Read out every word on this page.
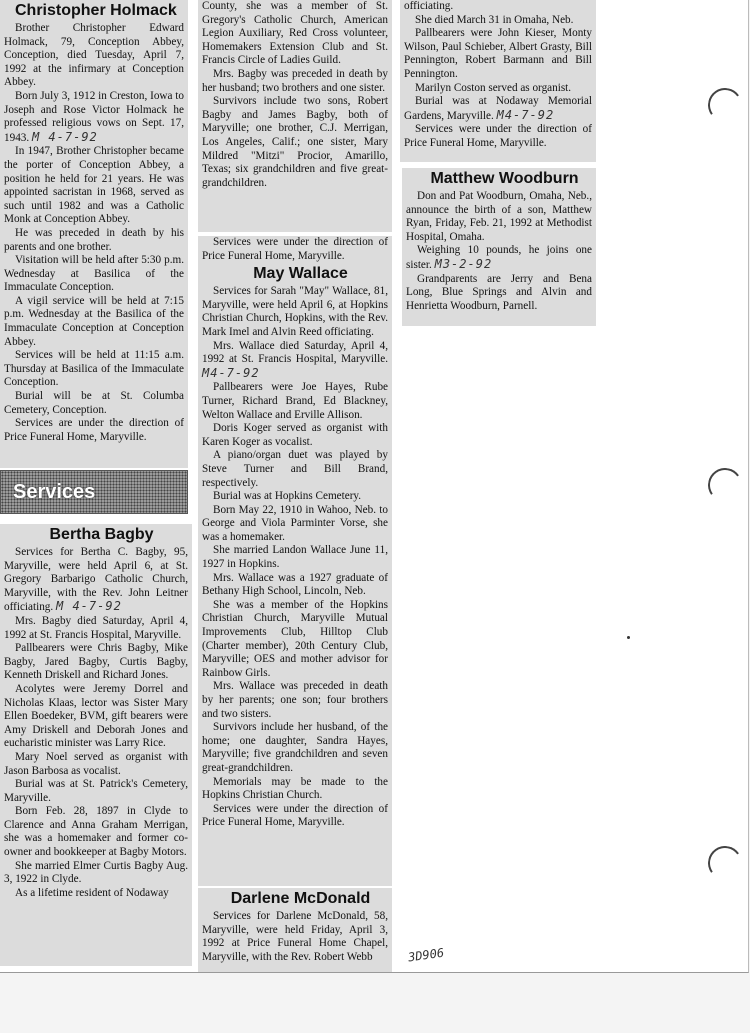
Christopher Holmack

Brother Christopher Edward Holmack, 79, Conception Abbey, Conception, died Tuesday, April 7, 1992 at the infirmary at Conception Abbey.

Born July 3, 1912 in Creston, Iowa to Joseph and Rose Victor Holmack he professed religious vows on Sept. 17, 1943. M 4-7-92

In 1947, Brother Christopher became the porter of Conception Abbey, a position he held for 21 years. He was appointed sacristan in 1968, served as such until 1982 and was a Catholic Monk at Conception Abbey.

He was preceded in death by his parents and one brother.

Visitation will be held after 5:30 p.m. Wednesday at Basilica of the Immaculate Conception.

A vigil service will be held at 7:15 p.m. Wednesday at the Basilica of the Immaculate Conception at Conception Abbey.

Services will be held at 11:15 a.m. Thursday at Basilica of the Immaculate Conception.

Burial will be at St. Columba Cemetery, Conception.

Services are under the direction of Price Funeral Home, Maryville.

Services

Bertha Bagby

Services for Bertha C. Bagby, 95, Maryville, were held April 6, at St. Gregory Barbarigo Catholic Church, Maryville, with the Rev. John Leitner officiating. M 4-7-92

Mrs. Bagby died Saturday, April 4, 1992 at St. Francis Hospital, Maryville.

Pallbearers were Chris Bagby, Mike Bagby, Jared Bagby, Curtis Bagby, Kenneth Driskell and Richard Jones.

Acolytes were Jeremy Dorrel and Nicholas Klaas, lector was Sister Mary Ellen Boedeker, BVM, gift bearers were Amy Driskell and Deborah Jones and eucharistic minister was Larry Rice.

Mary Noel served as organist with Jason Barbosa as vocalist.

Burial was at St. Patrick's Cemetery, Maryville.

Born Feb. 28, 1897 in Clyde to Clarence and Anna Graham Merrigan, she was a homemaker and former co-owner and bookkeeper at Bagby Motors.

She married Elmer Curtis Bagby Aug. 3, 1922 in Clyde.

As a lifetime resident of Nodaway

County, she was a member of St. Gregory's Catholic Church, American Legion Auxiliary, Red Cross volunteer, Homemakers Extension Club and St. Francis Circle of Ladies Guild.

Mrs. Bagby was preceded in death by her husband; two brothers and one sister.

Survivors include two sons, Robert Bagby and James Bagby, both of Maryville; one brother, C.J. Merrigan, Los Angeles, Calif.; one sister, Mary Mildred "Mitzi" Procior, Amarillo, Texas; six grandchildren and five great-grandchildren.

Services were under the direction of Price Funeral Home, Maryville.

May Wallace

Services for Sarah "May" Wallace, 81, Maryville, were held April 6, at Hopkins Christian Church, Hopkins, with the Rev. Mark Imel and Alvin Reed officiating.

Mrs. Wallace died Saturday, April 4, 1992 at St. Francis Hospital, Maryville. M4-7-92

Pallbearers were Joe Hayes, Rube Turner, Richard Brand, Ed Blackney, Welton Wallace and Erville Allison.

Doris Koger served as organist with Karen Koger as vocalist.

A piano/organ duet was played by Steve Turner and Bill Brand, respectively.

Burial was at Hopkins Cemetery.

Born May 22, 1910 in Wahoo, Neb. to George and Viola Parminter Vorse, she was a homemaker.

She married Landon Wallace June 11, 1927 in Hopkins.

Mrs. Wallace was a 1927 graduate of Bethany High School, Lincoln, Neb.

She was a member of the Hopkins Christian Church, Maryville Mutual Improvements Club, Hilltop Club (Charter member), 20th Century Club, Maryville; OES and mother advisor for Rainbow Girls.

Mrs. Wallace was preceded in death by her parents; one son; four brothers and two sisters.

Survivors include her husband, of the home; one daughter, Sandra Hayes, Maryville; five grandchildren and seven great-grandchildren.

Memorials may be made to the Hopkins Christian Church.

Services were under the direction of Price Funeral Home, Maryville.

Darlene McDonald

Services for Darlene McDonald, 58, Maryville, were held Friday, April 3, 1992 at Price Funeral Home Chapel, Maryville, with the Rev. Robert Webb

officiating.

She died March 31 in Omaha, Neb.

Pallbearers were John Kieser, Monty Wilson, Paul Schieber, Albert Grasty, Bill Pennington, Robert Barmann and Bill Pennington.

Marilyn Coston served as organist.

Burial was at Nodaway Memorial Gardens, Maryville. M4-7-92

Services were under the direction of Price Funeral Home, Maryville.

Matthew Woodburn

Don and Pat Woodburn, Omaha, Neb., announce the birth of a son, Matthew Ryan, Friday, Feb. 21, 1992 at Methodist Hospital, Omaha.

Weighing 10 pounds, he joins one sister. M3-2-92

Grandparents are Jerry and Bena Long, Blue Springs and Alvin and Henrietta Woodburn, Parnell.

3D906
